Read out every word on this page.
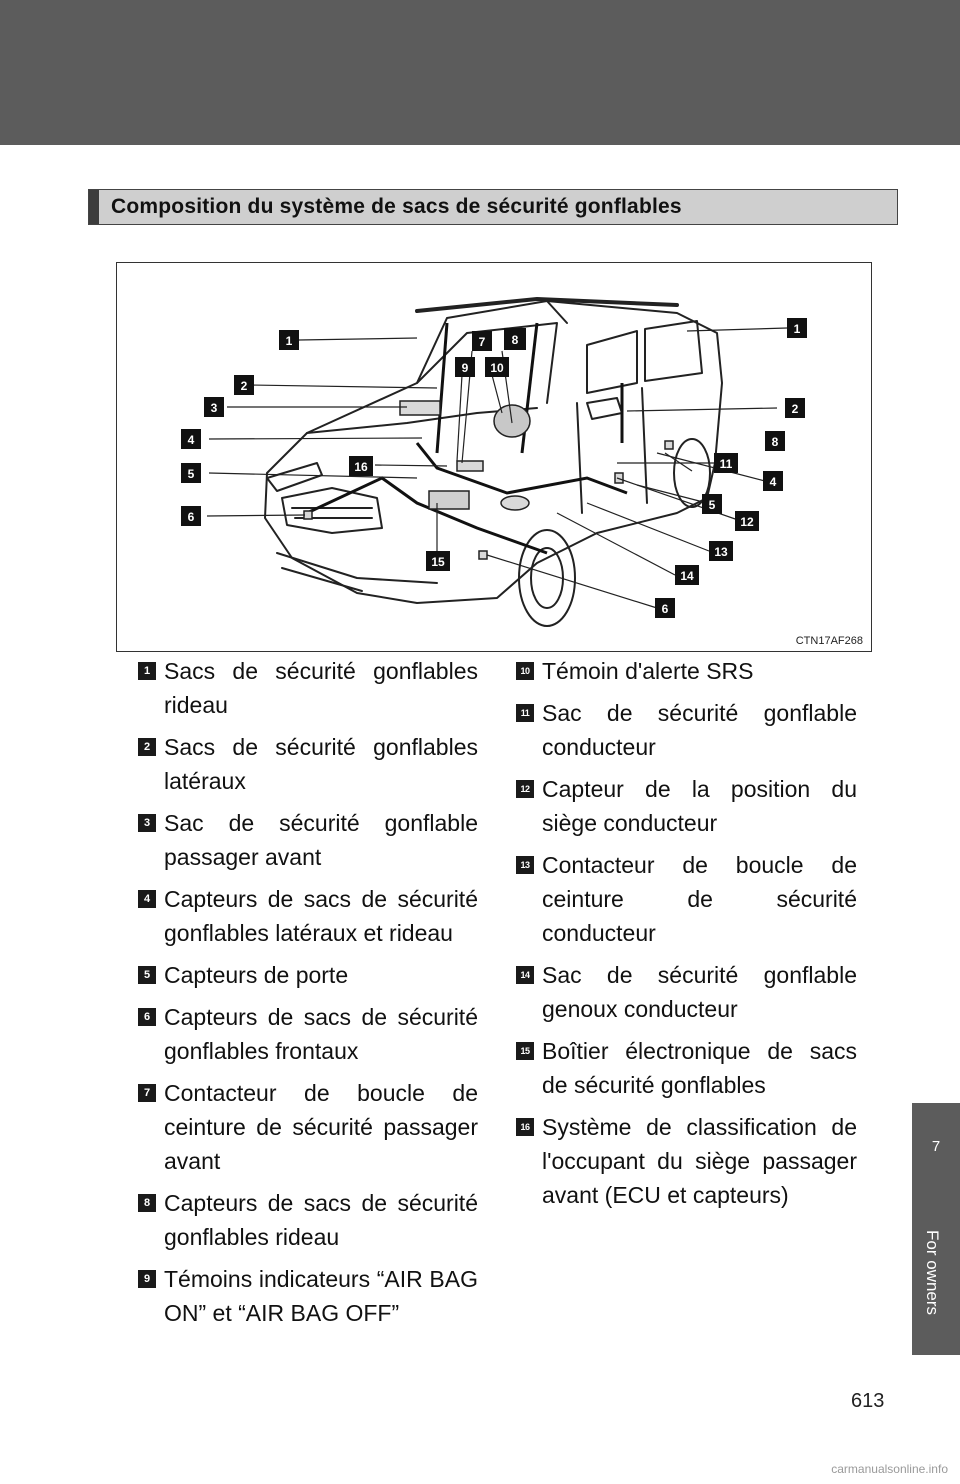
Composition du système de sacs de sécurité gonflables
1
1
2
2
3
4
4
5
5
6
6
7 8
8
9 10
11
12
13
14
15
16
CTN17AF268
1 Sacs de sécurité gonflables rideau
2 Sacs de sécurité gonflables latéraux
3 Sac de sécurité gonflable passager avant
4 Capteurs de sacs de sécurité gonflables latéraux et rideau
5 Capteurs de porte
6 Capteurs de sacs de sécurité gonflables frontaux
7 Contacteur de boucle de ceinture de sécurité passager avant
8 Capteurs de sacs de sécurité gonflables rideau
9 Témoins indicateurs “AIR BAG ON” et “AIR BAG OFF”
10 Témoin d'alerte SRS
11 Sac de sécurité gonflable conducteur
12 Capteur de la position du siège conducteur
13 Contacteur de boucle de ceinture de sécurité conducteur
14 Sac de sécurité gonflable genoux conducteur
15 Boîtier électronique de sacs de sécurité gonflables
16 Système de classification de l'occupant du siège passager avant (ECU et capteurs)
7
For owners
613
carmanualsonline.info
